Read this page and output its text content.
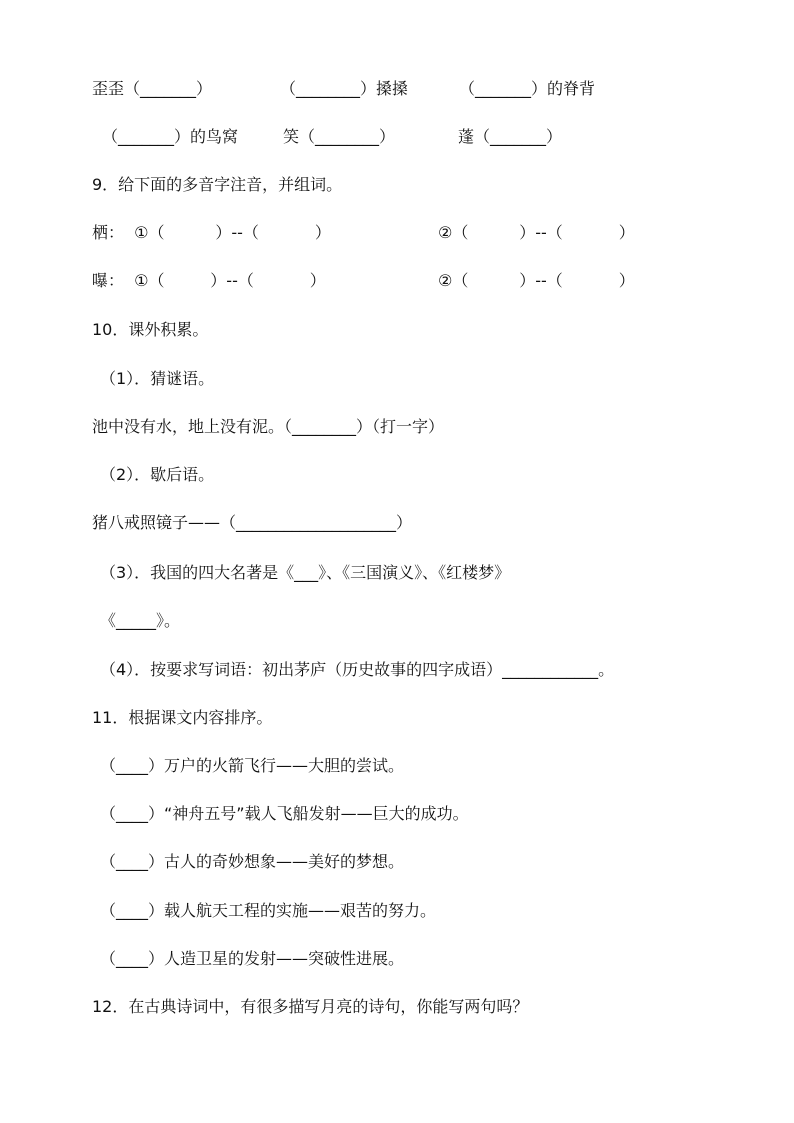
歪歪（_______）	（________）搡搡	（_______）的脊背
（_______）的鸟窝	笑（________）	蓬（_______）
9．给下面的多音字注音，并组词。
栖：  ①（          ）--（           ）	②（          ）--（           ）
嚗：  ①（         ）--（           ）	②（          ）--（           ）
10．课外积累。
（1）．猜谜语。
池中没有水，地上没有泥。（________）（打一字）
（2）．歇后语。
猪八戒照镜子——（____________________）
（3）．我国的四大名著是《___》、《三国演义》、《红楼梦》
《_____》。
（4）．按要求写词语：初出茅庐（历史故事的四字成语）____________。
11．根据课文内容排序。
（____）万户的火箭飞行——大胆的尝试。
（____）“神舟五号”载人飞船发射——巨大的成功。
（____）古人的奇妙想象——美好的梦想。
（____）载人航天工程的实施——艰苦的努力。
（____）人造卫星的发射——突破性进展。
12．在古典诗词中，有很多描写月亮的诗句，你能写两句吗？
